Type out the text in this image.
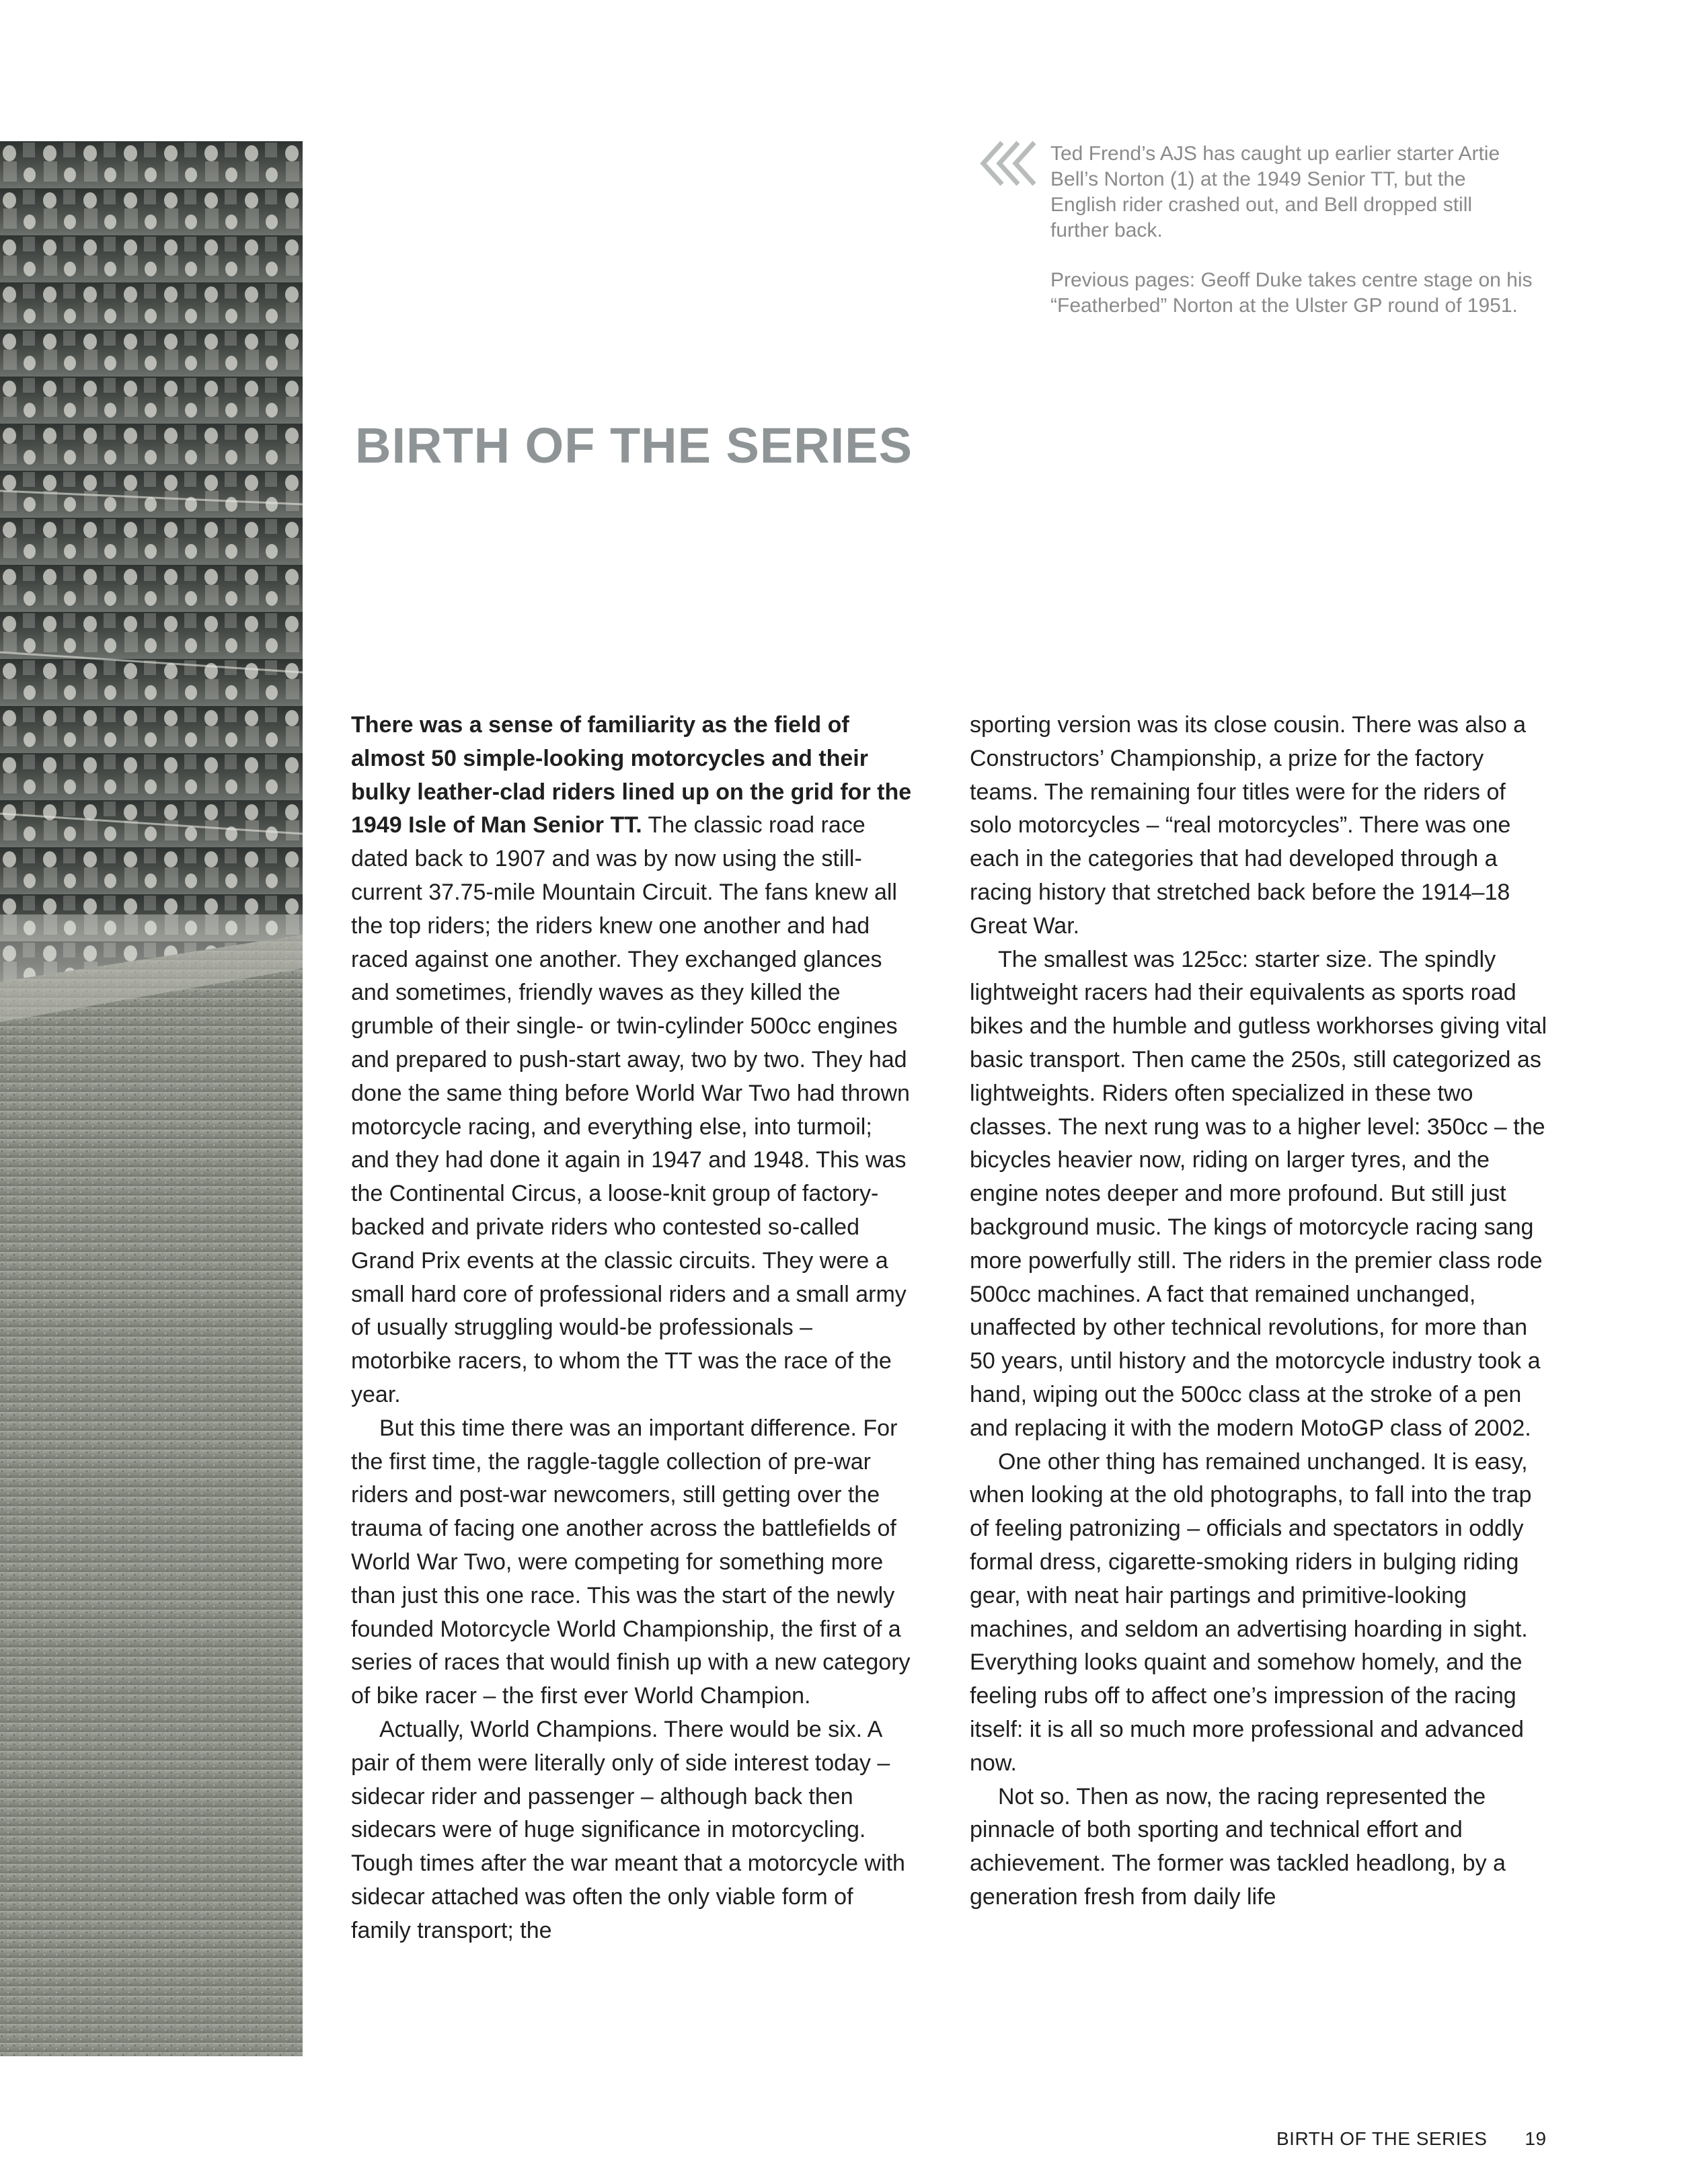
Ted Frend’s AJS has caught up earlier starter Artie Bell’s Norton (1) at the 1949 Senior TT, but the English rider crashed out, and Bell dropped still further back.

Previous pages: Geoff Duke takes centre stage on his “Featherbed” Norton at the Ulster GP round of 1951.

BIRTH OF THE SERIES

There was a sense of familiarity as the field of almost 50 simple-looking motorcycles and their bulky leather-clad riders lined up on the grid for the 1949 Isle of Man Senior TT. The classic road race dated back to 1907 and was by now using the still-current 37.75-mile Mountain Circuit. The fans knew all the top riders; the riders knew one another and had raced against one another. They exchanged glances and sometimes, friendly waves as they killed the grumble of their single- or twin-cylinder 500cc engines and prepared to push-start away, two by two. They had done the same thing before World War Two had thrown motorcycle racing, and everything else, into turmoil; and they had done it again in 1947 and 1948. This was the Continental Circus, a loose-knit group of factory-backed and private riders who contested so-called Grand Prix events at the classic circuits. They were a small hard core of professional riders and a small army of usually struggling would-be professionals – motorbike racers, to whom the TT was the race of the year.

But this time there was an important difference. For the first time, the raggle-taggle collection of pre-war riders and post-war newcomers, still getting over the trauma of facing one another across the battlefields of World War Two, were competing for something more than just this one race. This was the start of the newly founded Motorcycle World Championship, the first of a series of races that would finish up with a new category of bike racer – the first ever World Champion.

Actually, World Champions. There would be six. A pair of them were literally only of side interest today – sidecar rider and passenger – although back then sidecars were of huge significance in motorcycling. Tough times after the war meant that a motorcycle with sidecar attached was often the only viable form of family transport; the

sporting version was its close cousin. There was also a Constructors’ Championship, a prize for the factory teams. The remaining four titles were for the riders of solo motorcycles – “real motorcycles”. There was one each in the categories that had developed through a racing history that stretched back before the 1914–18 Great War.

The smallest was 125cc: starter size. The spindly lightweight racers had their equivalents as sports road bikes and the humble and gutless workhorses giving vital basic transport. Then came the 250s, still categorized as lightweights. Riders often specialized in these two classes. The next rung was to a higher level: 350cc – the bicycles heavier now, riding on larger tyres, and the engine notes deeper and more profound. But still just background music. The kings of motorcycle racing sang more powerfully still. The riders in the premier class rode 500cc machines. A fact that remained unchanged, unaffected by other technical revolutions, for more than 50 years, until history and the motorcycle industry took a hand, wiping out the 500cc class at the stroke of a pen and replacing it with the modern MotoGP class of 2002.

One other thing has remained unchanged. It is easy, when looking at the old photographs, to fall into the trap of feeling patronizing – officials and spectators in oddly formal dress, cigarette-smoking riders in bulging riding gear, with neat hair partings and primitive-looking machines, and seldom an advertising hoarding in sight. Everything looks quaint and somehow homely, and the feeling rubs off to affect one’s impression of the racing itself: it is all so much more professional and advanced now.

Not so. Then as now, the racing represented the pinnacle of both sporting and technical effort and achievement. The former was tackled headlong, by a generation fresh from daily life

BIRTH OF THE SERIES 19
